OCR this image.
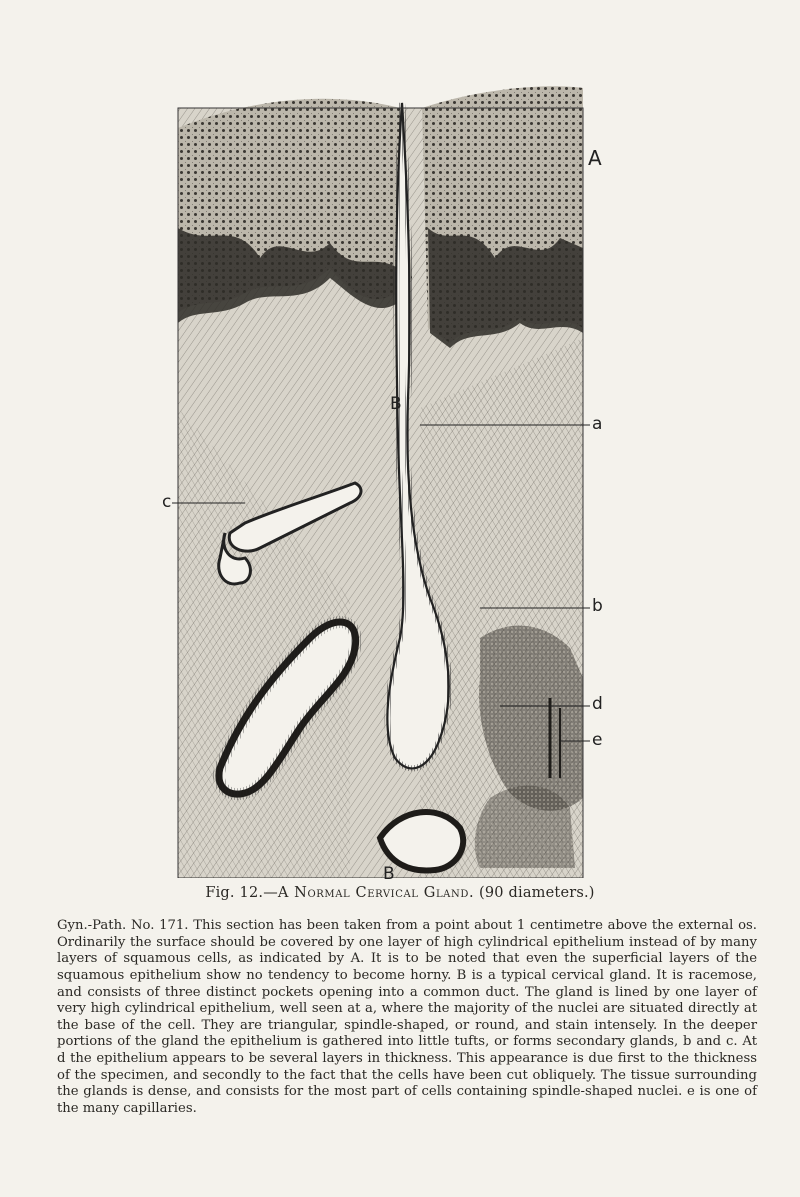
A
B
a
c
b
d
e
B
Fig. 12.—A Normal Cervical Gland. (90 diameters.)

Gyn.-Path. No. 171. This section has been taken from a point about 1 centimetre above the external os. Ordinarily the surface should be covered by one layer of high cylindrical epithelium instead of by many layers of squamous cells, as indicated by A. It is to be noted that even the superficial layers of the squamous epithelium show no tendency to become horny. B is a typical cervical gland. It is racemose, and consists of three distinct pockets opening into a common duct. The gland is lined by one layer of very high cylindrical epithelium, well seen at a, where the majority of the nuclei are situated directly at the base of the cell. They are triangular, spindle-shaped, or round, and stain intensely. In the deeper portions of the gland the epithelium is gathered into little tufts, or forms secondary glands, b and c. At d the epithelium appears to be several layers in thickness. This appearance is due first to the thickness of the specimen, and secondly to the fact that the cells have been cut obliquely. The tissue surrounding the glands is dense, and consists for the most part of cells containing spindle-shaped nuclei. e is one of the many capillaries.
